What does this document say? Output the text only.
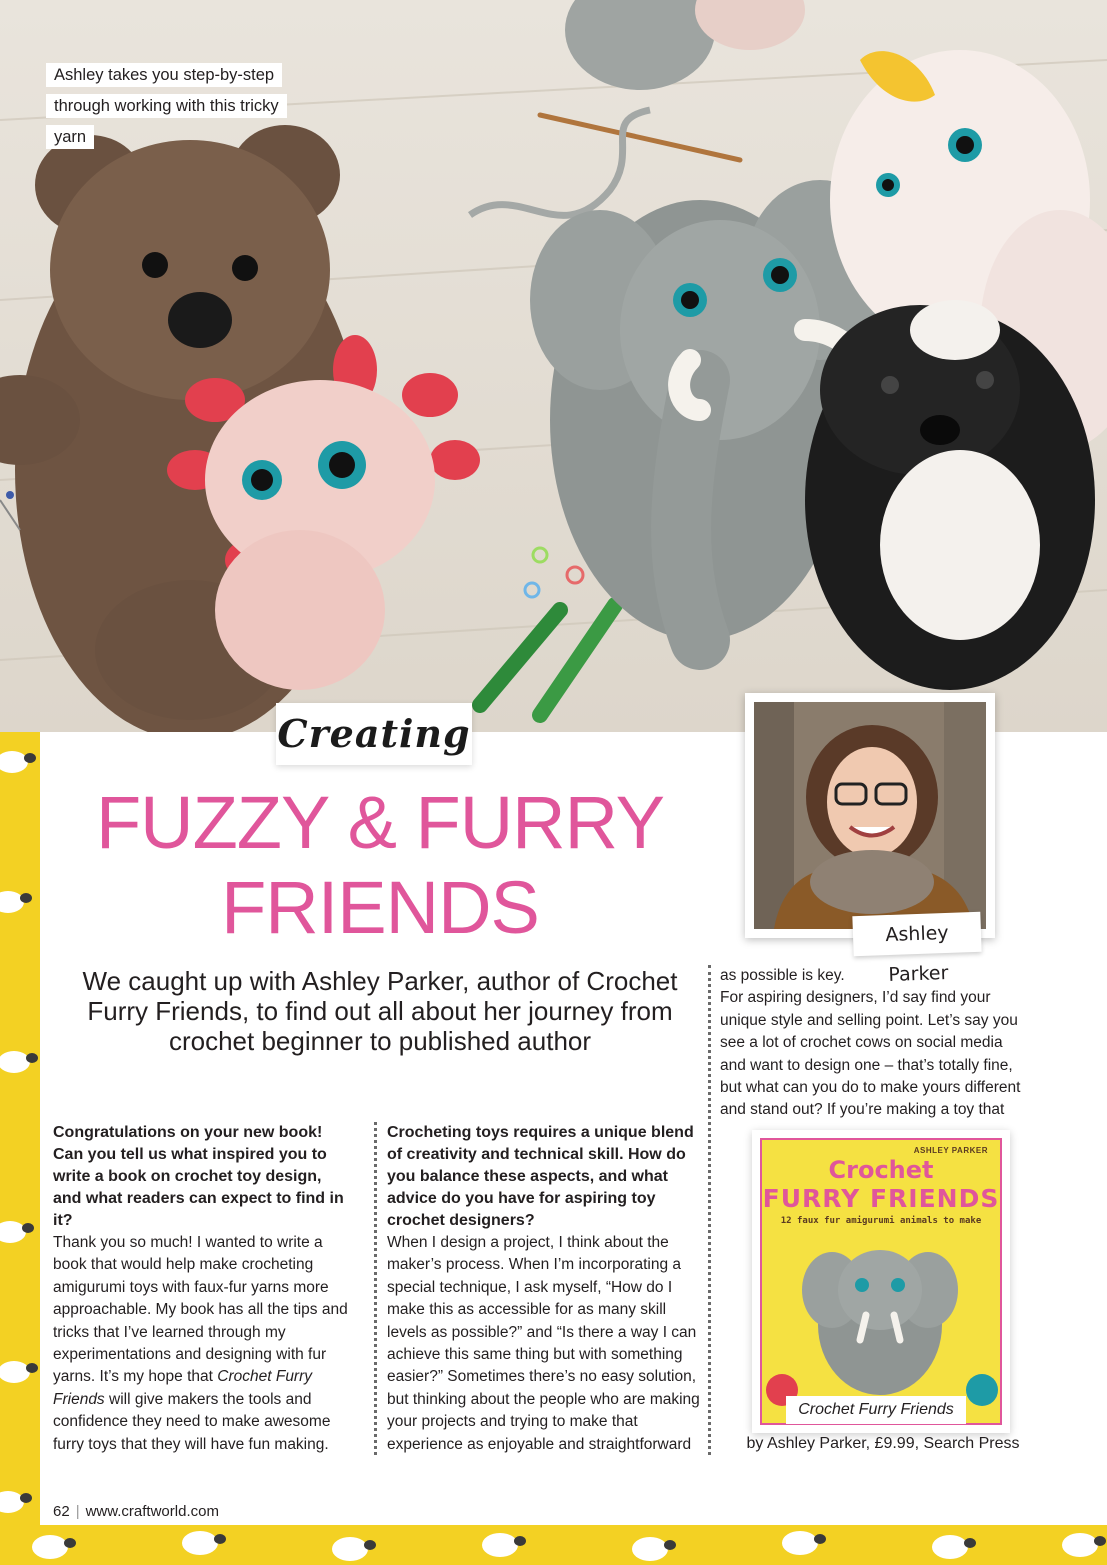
Ashley takes you step-by-step through working with this tricky yarn
Creating
FUZZY & FURRY FRIENDS

We caught up with Ashley Parker, author of Crochet Furry Friends, to find out all about her journey from crochet beginner to published author

Ashley Parker

Congratulations on your new book! Can you tell us what inspired you to write a book on crochet toy design, and what readers can expect to find in it?

Thank you so much! I wanted to write a book that would help make crocheting amigurumi toys with faux-fur yarns more approachable. My book has all the tips and tricks that I’ve learned through my experimentations and designing with fur yarns. It’s my hope that Crochet Furry Friends will give makers the tools and confidence they need to make awesome furry toys that they will have fun making.

Crocheting toys requires a unique blend of creativity and technical skill. How do you balance these aspects, and what advice do you have for aspiring toy crochet designers?

When I design a project, I think about the maker’s process. When I’m incorporating a special technique, I ask myself, “How do I make this as accessible for as many skill levels as possible?” and “Is there a way I can achieve this same thing but with something easier?” Sometimes there’s no easy solution, but thinking about the people who are making your projects and trying to make that experience as enjoyable and straightforward

as possible is key.

For aspiring designers, I’d say find your unique style and selling point. Let’s say you see a lot of crochet cows on social media and want to design one – that’s totally fine, but what can you do to make yours different and stand out? If you’re making a toy that

ASHLEY PARKER
Crochet
FURRY FRIENDS
12 faux fur amigurumi animals to make
Crochet Furry Friends
by Ashley Parker, £9.99, Search Press
62 | www.craftworld.com
